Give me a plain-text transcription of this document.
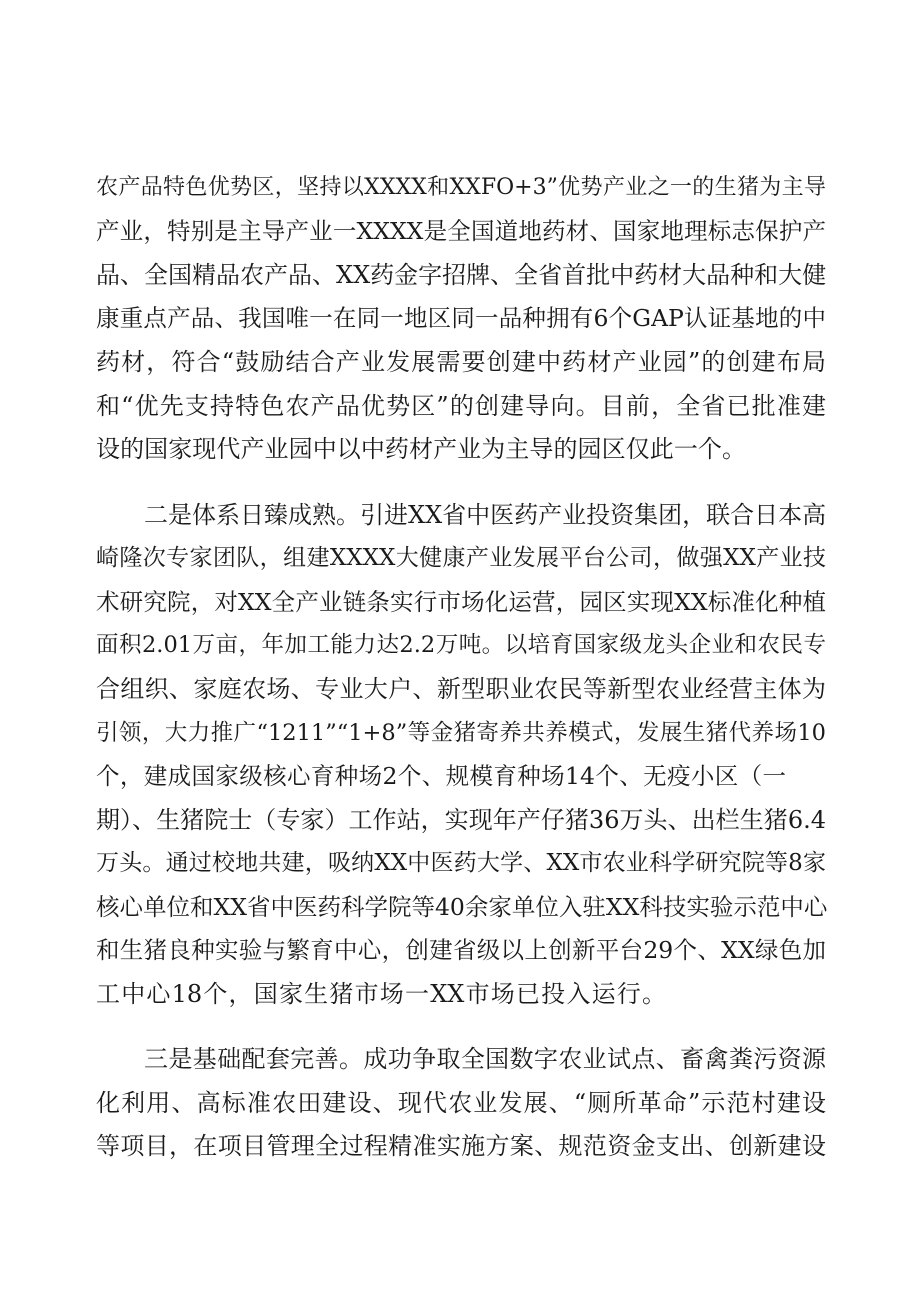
农产品特色优势区，坚持以XXXX和XXFO+3”优势产业之一的生猪为主导
产业，特别是主导产业一XXXX是全国道地药材、国家地理标志保护产
品、全国精品农产品、XX药金字招牌、全省首批中药材大品种和大健
康重点产品、我国唯一在同一地区同一品种拥有6个GAP认证基地的中
药材，符合“鼓励结合产业发展需要创建中药材产业园”的创建布局
和“优先支持特色农产品优势区”的创建导向。目前，全省已批准建
设的国家现代产业园中以中药材产业为主导的园区仅此一个。
二是体系日臻成熟。引进XX省中医药产业投资集团，联合日本高
崎隆次专家团队，组建XXXX大健康产业发展平台公司，做强XX产业技
术研究院，对XX全产业链条实行市场化运营，园区实现XX标准化种植
面积2.01万亩，年加工能力达2.2万吨。以培育国家级龙头企业和农民专
合组织、家庭农场、专业大户、新型职业农民等新型农业经营主体为
引领，大力推广“1211”“1+8”等金猪寄养共养模式，发展生猪代养场10
个，建成国家级核心育种场2个、规模育种场14个、无疫小区（一
期）、生猪院士（专家）工作站，实现年产仔猪36万头、出栏生猪6.4
万头。通过校地共建，吸纳XX中医药大学、XX市农业科学研究院等8家
核心单位和XX省中医药科学院等40余家单位入驻XX科技实验示范中心
和生猪良种实验与繁育中心，创建省级以上创新平台29个、XX绿色加
工中心18个，国家生猪市场一XX市场已投入运行。
三是基础配套完善。成功争取全国数字农业试点、畜禽粪污资源
化利用、高标准农田建设、现代农业发展、“厕所革命”示范村建设
等项目，在项目管理全过程精准实施方案、规范资金支出、创新建设
